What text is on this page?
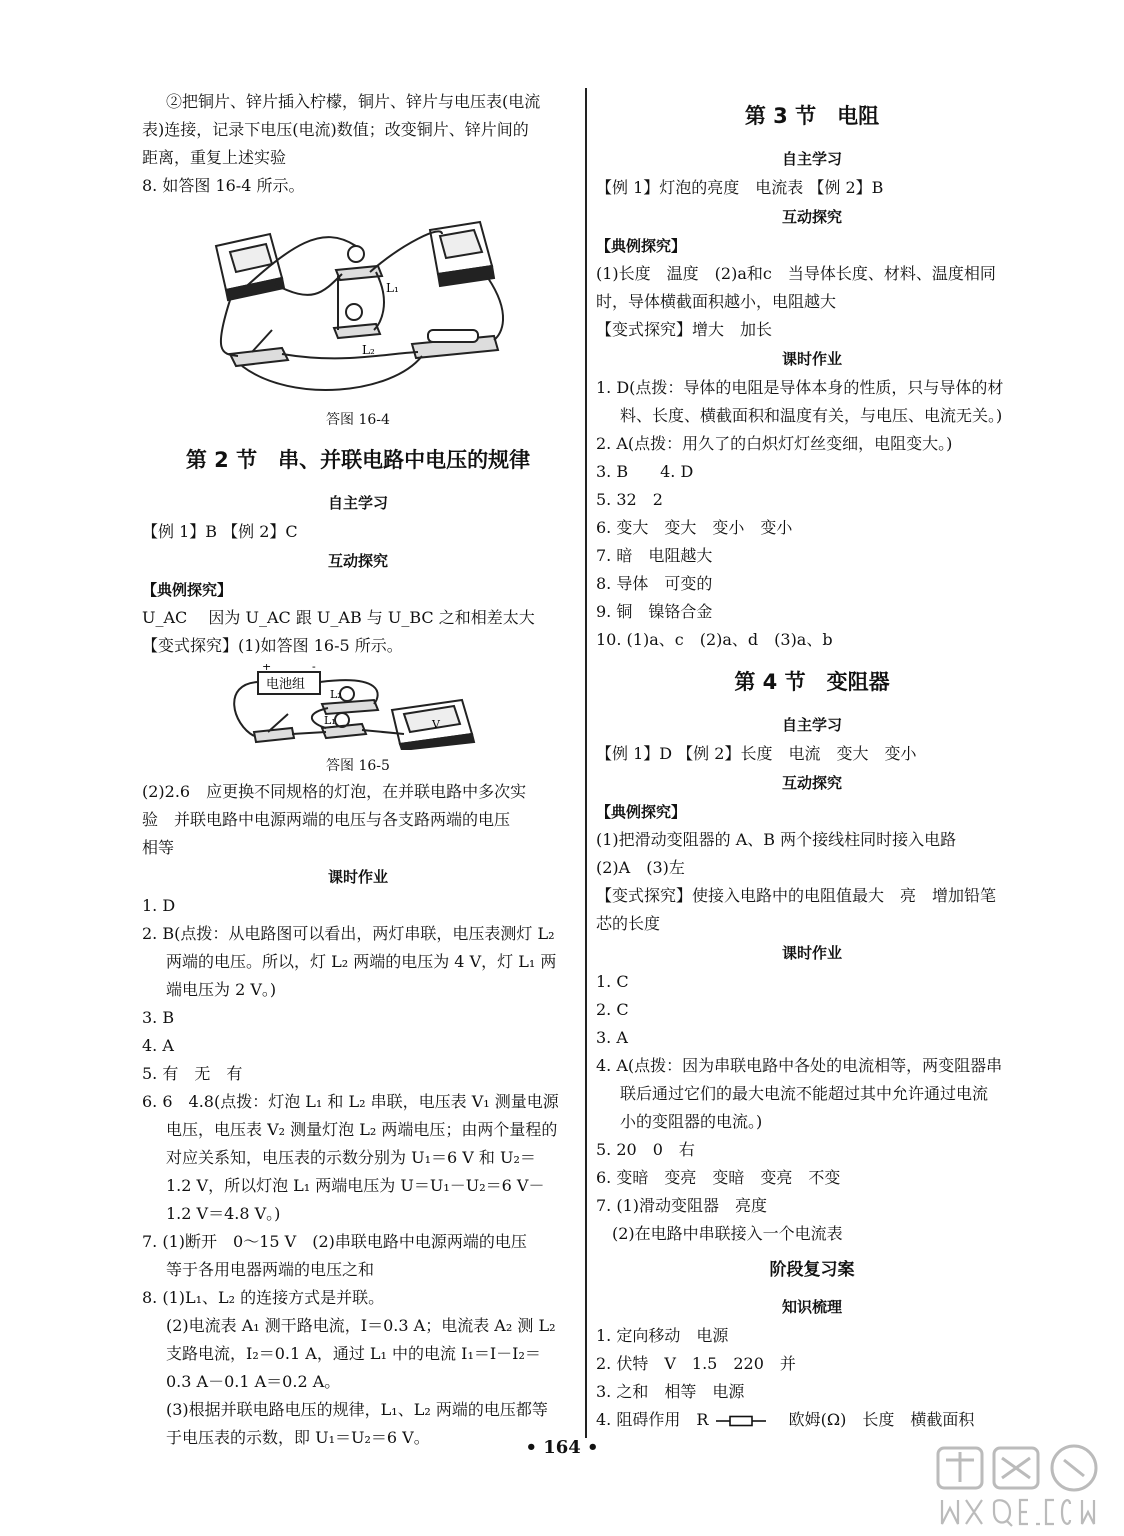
②把铜片、锌片插入柠檬，铜片、锌片与电压表(电流

表)连接，记录下电压(电流)数值；改变铜片、锌片间的

距离，重复上述实验

8. 如答图 16-4 所示。

L₁
L₂

答图 16-4

第 2 节　串、并联电路中电压的规律

自主学习

【例 1】B 【例 2】C

互动探究

【典例探究】

U_AC 　因为 U_AC 跟 U_AB 与 U_BC 之和相差太大

【变式探究】(1)如答图 16-5 所示。

电池组
+	-
L₂
L₁	V

答图 16-5

(2)2.6　应更换不同规格的灯泡，在并联电路中多次实

验　并联电路中电源两端的电压与各支路两端的电压

相等

课时作业

1. D

2. B(点拨：从电路图可以看出，两灯串联，电压表测灯 L₂

两端的电压。所以，灯 L₂ 两端的电压为 4 V，灯 L₁ 两

端电压为 2 V。)

3. B

4. A

5. 有　无　有

6. 6　4.8(点拨：灯泡 L₁ 和 L₂ 串联，电压表 V₁ 测量电源

电压，电压表 V₂ 测量灯泡 L₂ 两端电压；由两个量程的

对应关系知，电压表的示数分别为 U₁＝6 V 和 U₂＝

1.2 V，所以灯泡 L₁ 两端电压为 U＝U₁－U₂＝6 V－

1.2 V＝4.8 V。)

7. (1)断开　0～15 V　(2)串联电路中电源两端的电压

等于各用电器两端的电压之和

8. (1)L₁、L₂ 的连接方式是并联。

(2)电流表 A₁ 测干路电流，I＝0.3 A；电流表 A₂ 测 L₂

支路电流，I₂＝0.1 A，通过 L₁ 中的电流 I₁＝I－I₂＝

0.3 A－0.1 A＝0.2 A。

(3)根据并联电路电压的规律，L₁、L₂ 两端的电压都等

于电压表的示数，即 U₁＝U₂＝6 V。

第 3 节　电阻

自主学习

【例 1】灯泡的亮度　电流表 【例 2】B

互动探究

【典例探究】

(1)长度　温度　(2)a和c　当导体长度、材料、温度相同

时，导体横截面积越小，电阻越大

【变式探究】增大　加长

课时作业

1. D(点拨：导体的电阻是导体本身的性质，只与导体的材

料、长度、横截面积和温度有关，与电压、电流无关。)

2. A(点拨：用久了的白炽灯灯丝变细，电阻变大。)

3. B　　4. D

5. 32　2

6. 变大　变大　变小　变小

7. 暗　电阻越大

8. 导体　可变的

9. 铜　镍铬合金

10. (1)a、c　(2)a、d　(3)a、b

第 4 节　变阻器

自主学习

【例 1】D 【例 2】长度　电流　变大　变小

互动探究

【典例探究】

(1)把滑动变阻器的 A、B 两个接线柱同时接入电路

(2)A　(3)左

【变式探究】使接入电路中的电阻值最大　亮　增加铅笔

芯的长度

课时作业

1. C

2. C

3. A

4. A(点拨：因为串联电路中各处的电流相等，两变阻器串

联后通过它们的最大电流不能超过其中允许通过电流

小的变阻器的电流。)

5. 20　0　右

6. 变暗　变亮　变暗　变亮　不变

7. (1)滑动变阻器　亮度

(2)在电路中串联接入一个电流表

阶段复习案

知识梳理

1. 定向移动　电源

2. 伏特　V　1.5　220　并

3. 之和　相等　电源

4. 阻碍作用　R	　欧姆(Ω)　长度　横截面积

• 164 •
